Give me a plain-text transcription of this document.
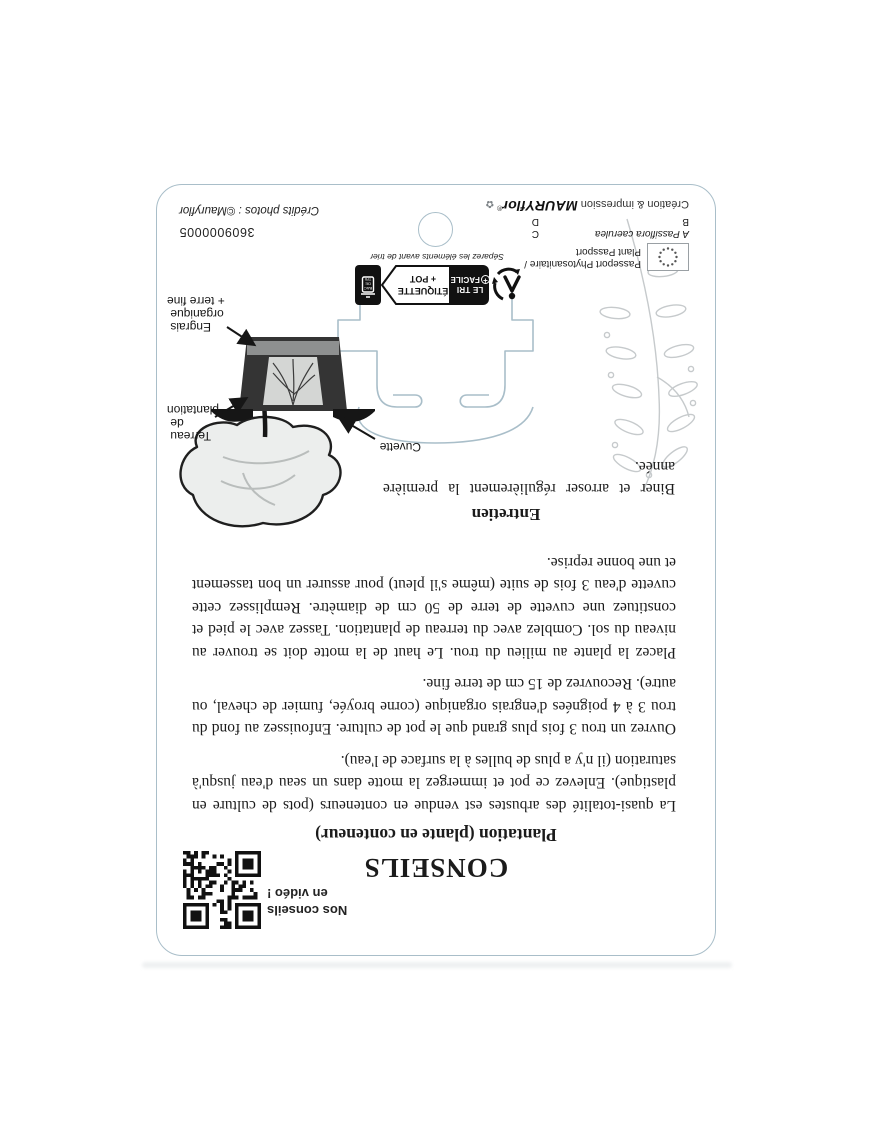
Nos conseils
en vidéo !
CONSEILS
Plantation (plante en conteneur)

La quasi-totalité des arbustes est vendue en conteneurs (pots de culture en plastique). Enlevez ce pot et immergez la motte dans un seau d'eau jusqu'à saturation (il n'y a plus de bulles à la surface de l'eau).

Ouvrez un trou 3 fois plus grand que le pot de culture. Enfouissez au fond du trou 3 à 4 poignées d'engrais organique (corne broyée, fumier de cheval, ou autre). Recouvrez de 15 cm de terre fine.

Placez la plante au milieu du trou. Le haut de la motte doit se trouver au niveau du sol. Comblez avec du terreau de plantation. Tassez avec le pied et constituez une cuvette de terre de 50 cm de diamètre. Remplissez cette cuvette d'eau 3 fois de suite (même s'il pleut) pour assurer un bon tassement et une bonne reprise.

Entretien

Biner et arroser régulièrement la première année.

Cuvette
Terreau de plantation
Engrais organique + terre fine
LE TRI
+
FACILE
ÉTIQUETTE
+ POT
BAC
DE
TRI
Séparez les éléments avant de trier
Passeport Phytosanitaire /
Plant Passport
A Passiflora caerulea
B
C
D
Création & impression MAURYflor® ✿
3609000005
Crédits photos : ©Mauryflor
